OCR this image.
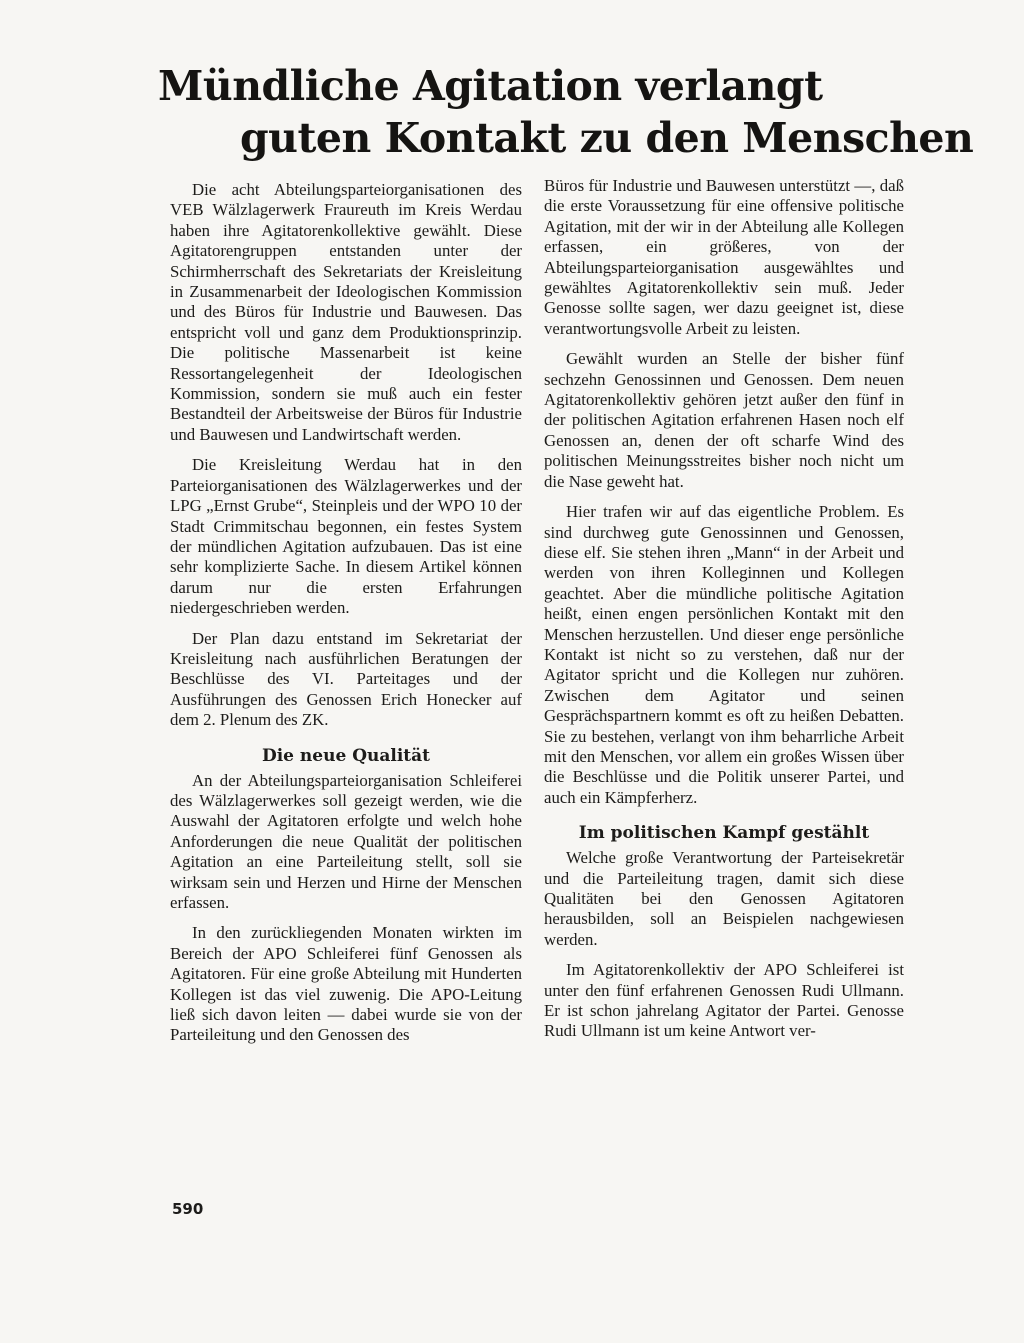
Mündliche Agitation verlangt
guten Kontakt zu den Menschen

Die acht Abteilungsparteiorganisationen des VEB Wälzlagerwerk Fraureuth im Kreis Werdau haben ihre Agitatorenkollektive gewählt. Diese Agitatorengruppen entstanden unter der Schirmherrschaft des Sekretariats der Kreisleitung in Zusammenarbeit der Ideologischen Kommission und des Büros für Industrie und Bauwesen. Das entspricht voll und ganz dem Produktionsprinzip. Die politische Massenarbeit ist keine Ressortangelegenheit der Ideologischen Kommission, sondern sie muß auch ein fester Bestandteil der Arbeitsweise der Büros für Industrie und Bauwesen und Landwirtschaft werden.

Die Kreisleitung Werdau hat in den Parteiorganisationen des Wälzlagerwerkes und der LPG „Ernst Grube“, Steinpleis und der WPO 10 der Stadt Crimmitschau begonnen, ein festes System der mündlichen Agitation aufzubauen. Das ist eine sehr komplizierte Sache. In diesem Artikel können darum nur die ersten Erfahrungen niedergeschrieben werden.

Der Plan dazu entstand im Sekretariat der Kreisleitung nach ausführlichen Beratungen der Beschlüsse des VI. Parteitages und der Ausführungen des Genossen Erich Honecker auf dem 2. Plenum des ZK.

Die neue Qualität

An der Abteilungsparteiorganisation Schleiferei des Wälzlagerwerkes soll gezeigt werden, wie die Auswahl der Agitatoren erfolgte und welch hohe Anforderungen die neue Qualität der politischen Agitation an eine Parteileitung stellt, soll sie wirksam sein und Herzen und Hirne der Menschen erfassen.

In den zurückliegenden Monaten wirkten im Bereich der APO Schleiferei fünf Genossen als Agitatoren. Für eine große Abteilung mit Hunderten Kollegen ist das viel zuwenig. Die APO-Leitung ließ sich davon leiten — dabei wurde sie von der Parteileitung und den Genossen des

Büros für Industrie und Bauwesen unterstützt —, daß die erste Voraussetzung für eine offensive politische Agitation, mit der wir in der Abteilung alle Kollegen erfassen, ein größeres, von der Abteilungsparteiorganisation ausgewähltes und gewähltes Agitatorenkollektiv sein muß. Jeder Genosse sollte sagen, wer dazu geeignet ist, diese verantwortungsvolle Arbeit zu leisten.

Gewählt wurden an Stelle der bisher fünf sechzehn Genossinnen und Genossen. Dem neuen Agitatorenkollektiv gehören jetzt außer den fünf in der politischen Agitation erfahrenen Hasen noch elf Genossen an, denen der oft scharfe Wind des politischen Meinungsstreites bisher noch nicht um die Nase geweht hat.

Hier trafen wir auf das eigentliche Problem. Es sind durchweg gute Genossinnen und Genossen, diese elf. Sie stehen ihren „Mann“ in der Arbeit und werden von ihren Kolleginnen und Kollegen geachtet. Aber die mündliche politische Agitation heißt, einen engen persönlichen Kontakt mit den Menschen herzustellen. Und dieser enge persönliche Kontakt ist nicht so zu verstehen, daß nur der Agitator spricht und die Kollegen nur zuhören. Zwischen dem Agitator und seinen Gesprächspartnern kommt es oft zu heißen Debatten. Sie zu bestehen, verlangt von ihm beharrliche Arbeit mit den Menschen, vor allem ein großes Wissen über die Beschlüsse und die Politik unserer Partei, und auch ein Kämpferherz.

Im politischen Kampf gestählt

Welche große Verantwortung der Parteisekretär und die Parteileitung tragen, damit sich diese Qualitäten bei den Genossen Agitatoren herausbilden, soll an Beispielen nachgewiesen werden.

Im Agitatorenkollektiv der APO Schleiferei ist unter den fünf erfahrenen Genossen Rudi Ullmann. Er ist schon jahrelang Agitator der Partei. Genosse Rudi Ullmann ist um keine Antwort ver-

590
